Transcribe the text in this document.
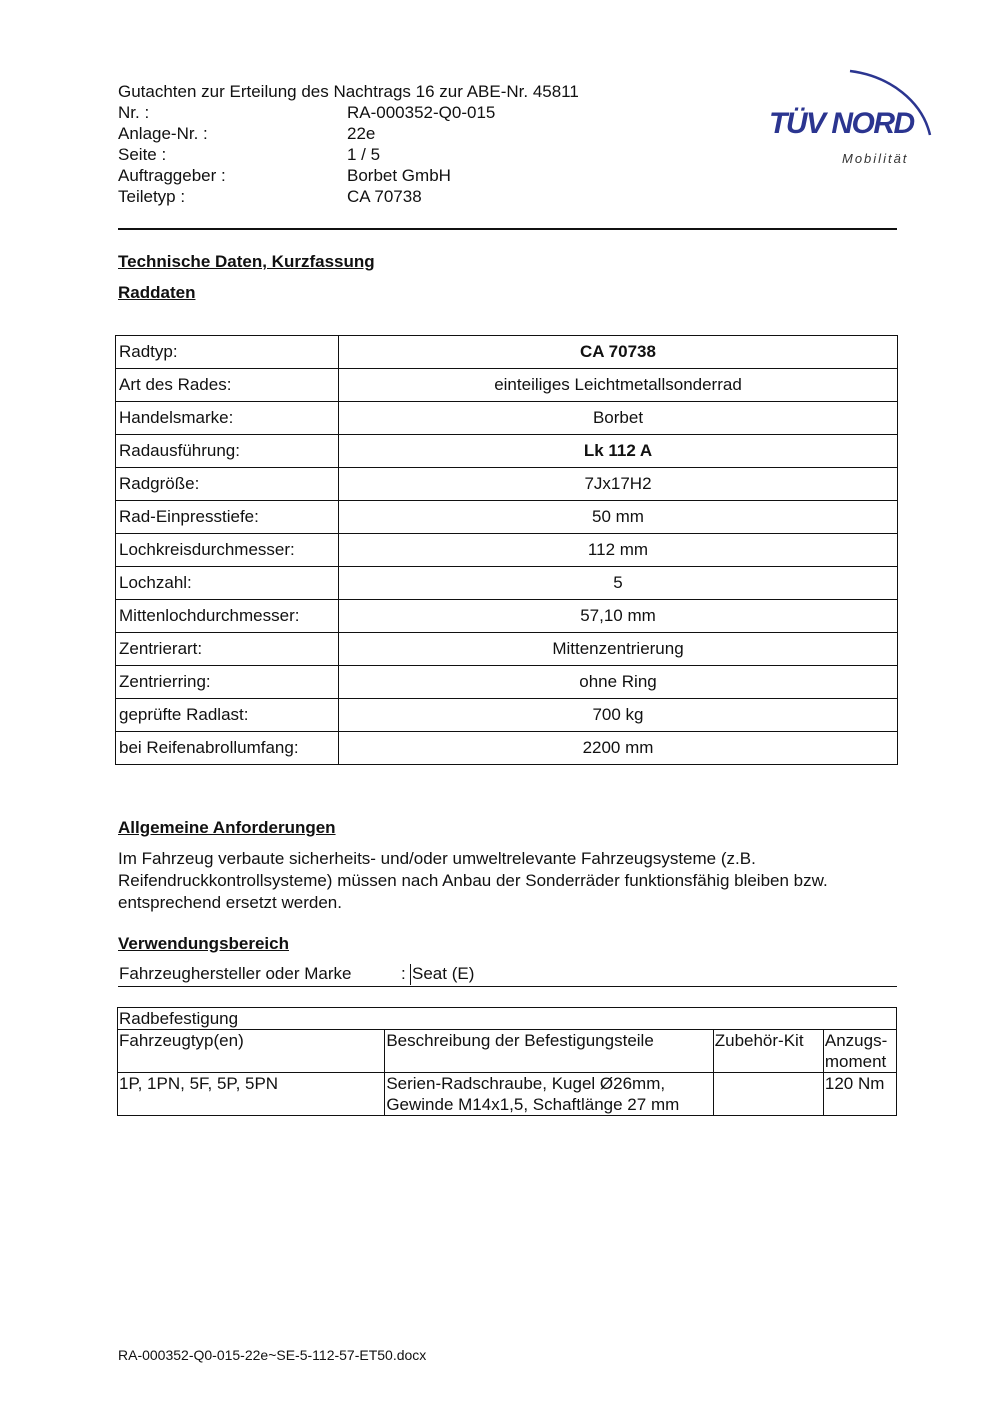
Gutachten zur Erteilung des Nachtrags 16 zur ABE-Nr. 45811
Nr. :	RA-000352-Q0-015
Anlage-Nr. :	22e
Seite :	1 / 5
Auftraggeber :	Borbet GmbH
Teiletyp :	CA 70738
TÜV NORD
Mobilität
Technische Daten, Kurzfassung
Raddaten
Radtyp:	CA 70738
Art des Rades:	einteiliges Leichtmetallsonderrad
Handelsmarke:	Borbet
Radausführung:	Lk 112 A
Radgröße:	7Jx17H2
Rad-Einpresstiefe:	50 mm
Lochkreisdurchmesser:	112 mm
Lochzahl:	5
Mittenlochdurchmesser:	57,10 mm
Zentrierart:	Mittenzentrierung
Zentrierring:	ohne Ring
geprüfte Radlast:	700 kg
bei Reifenabrollumfang:	2200 mm
Allgemeine Anforderungen
Im Fahrzeug verbaute sicherheits- und/oder umweltrelevante Fahrzeugsysteme (z.B. Reifendruckkontrollsysteme) müssen nach Anbau der Sonderräder funktionsfähig bleiben bzw. entsprechend ersetzt werden.
Verwendungsbereich
Fahrzeughersteller oder Marke	: Seat (E)
Radbefestigung			
Fahrzeugtyp(en)	Beschreibung der Befestigungsteile	Zubehör-Kit	Anzugs-moment
1P, 1PN, 5F, 5P, 5PN	Serien-Radschraube, Kugel Ø26mm, Gewinde M14x1,5, Schaftlänge 27 mm		120 Nm
RA-000352-Q0-015-22e~SE-5-112-57-ET50.docx
